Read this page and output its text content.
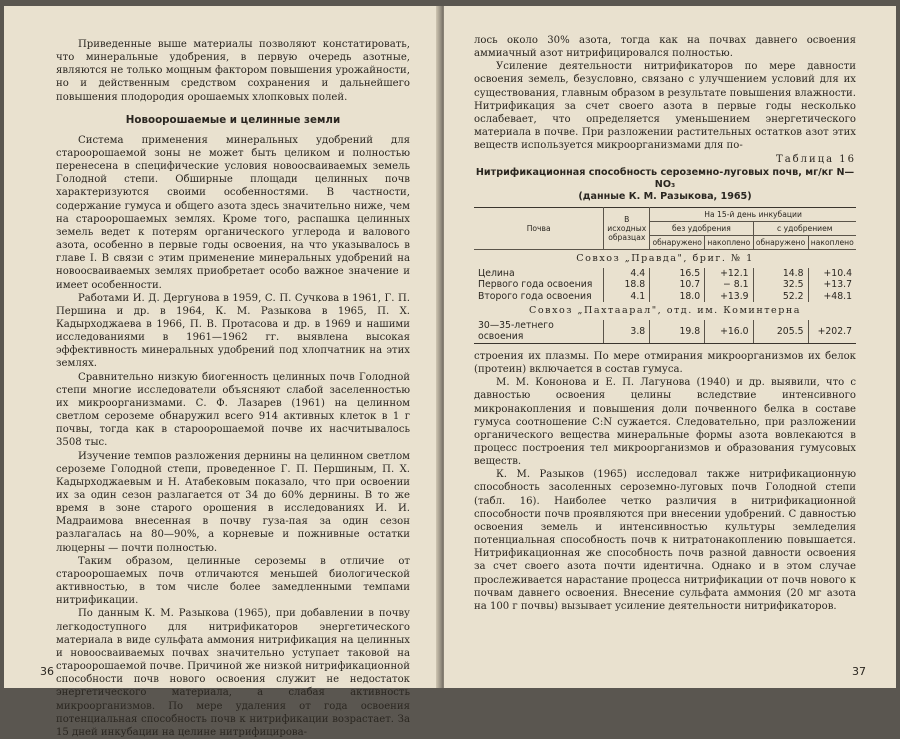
Приведенные выше материалы позволяют констатировать, что минеральные удобрения, в первую очередь азотные, являются не только мощным фактором повышения урожайности, но и действенным средством сохранения и дальнейшего повышения плодородия орошаемых хлопковых полей.

Новоорошаемые и целинные земли

Система применения минеральных удобрений для староорошаемой зоны не может быть целиком и полностью перенесена в специфические условия новоосваиваемых земель Голодной степи. Обширные площади целинных почв характеризуются своими особенностями. В частности, содержание гумуса и общего азота здесь значительно ниже, чем на староорошаемых землях. Кроме того, распашка целинных земель ведет к потерям органического углерода и валового азота, особенно в первые годы освоения, на что указывалось в главе I. В связи с этим применение минеральных удобрений на новоосваиваемых землях приобретает особо важное значение и имеет особенности.

Работами И. Д. Дергунова в 1959, С. П. Сучкова в 1961, Г. П. Першина и др. в 1964, К. М. Разыкова в 1965, П. Х. Кадырходжаева в 1966, П. В. Протасова и др. в 1969 и нашими исследованиями в 1961—1962 гг. выявлена высокая эффективность минеральных удобрений под хлопчатник на этих землях.

Сравнительно низкую биогенность целинных почв Голодной степи многие исследователи объясняют слабой заселенностью их микроорганизмами. С. Ф. Лазарев (1961) на целинном светлом сероземе обнаружил всего 914 активных клеток в 1 г почвы, тогда как в староорошаемой почве их насчитывалось 3508 тыс.

Изучение темпов разложения дернины на целинном светлом сероземе Голодной степи, проведенное Г. П. Першиным, П. Х. Кадырходжаевым и Н. Атабековым показало, что при освоении их за один сезон разлагается от 34 до 60% дернины. В то же время в зоне старого орошения в исследованиях И. И. Мадраимова внесенная в почву гуза-пая за один сезон разлагалась на 80—90%, а корневые и пожнивные остатки люцерны — почти полностью.

Таким образом, целинные сероземы в отличие от староорошаемых почв отличаются меньшей биологической активностью, в том числе более замедленными темпами нитрификации.

По данным К. М. Разыкова (1965), при добавлении в почву легкодоступного для нитрификаторов энергетического материала в виде сульфата аммония нитрификация на целинных и новоосваиваемых почвах значительно уступает таковой на староорошаемой почве. Причиной же низкой нитрификационной способности почв нового освоения служит не недостаток энергетического материала, а слабая активность микроорганизмов. По мере удаления от года освоения потенциальная способность почв к нитрификации возрастает. За 15 дней инкубации на целине нитрифицирова-

36

лось около 30% азота, тогда как на почвах давнего освоения аммиачный азот нитрифицировался полностью.

Усиление деятельности нитрификаторов по мере давности освоения земель, безусловно, связано с улучшением условий для их существования, главным образом в результате повышения влажности. Нитрификация за счет своего азота в первые годы несколько ослабевает, что определяется уменьшением энергетического материала в почве. При разложении растительных остатков азот этих веществ используется микроорганизмами для по-

Таблица 16
Нитрификационная способность сероземно-луговых почв, мг/кг N—NO₃
(данные К. М. Разыкова, 1965)
Почва	В исходных образцах	На 15-й день инкубации			
		без удобрения		с удобрением	
		обнаружено	накоплено	обнаружено	накоплено
Совхоз „Правда", бриг. № 1					
Целина	4.4	16.5	+12.1	14.8	+10.4
Первого года освоения	18.8	10.7	− 8.1	32.5	+13.7
Второго года освоения	4.1	18.0	+13.9	52.2	+48.1
Совхоз „Пахтаарал", отд. им. Коминтерна					
30—35-летнего освоения	3.8	19.8	+16.0	205.5	+202.7

строения их плазмы. По мере отмирания микроорганизмов их белок (протеин) включается в состав гумуса.

М. М. Кононова и Е. П. Лагунова (1940) и др. выявили, что с давностью освоения целины вследствие интенсивного микронакопления и повышения доли почвенного белка в составе гумуса соотношение C:N сужается. Следовательно, при разложении органического вещества минеральные формы азота вовлекаются в процесс построения тел микроорганизмов и образования гумусовых веществ.

К. М. Разыков (1965) исследовал также нитрификационную способность засоленных сероземно-луговых почв Голодной степи (табл. 16). Наиболее четко различия в нитрификационной способности почв проявляются при внесении удобрений. С давностью освоения земель и интенсивностью культуры земледелия потенциальная способность почв к нитратонакоплению повышается. Нитрификационная же способность почв разной давности освоения за счет своего азота почти идентична. Однако и в этом случае прослеживается нарастание процесса нитрификации от почв нового к почвам давнего освоения. Внесение сульфата аммония (20 мг азота на 100 г почвы) вызывает усиление деятельности нитрификаторов.

37
